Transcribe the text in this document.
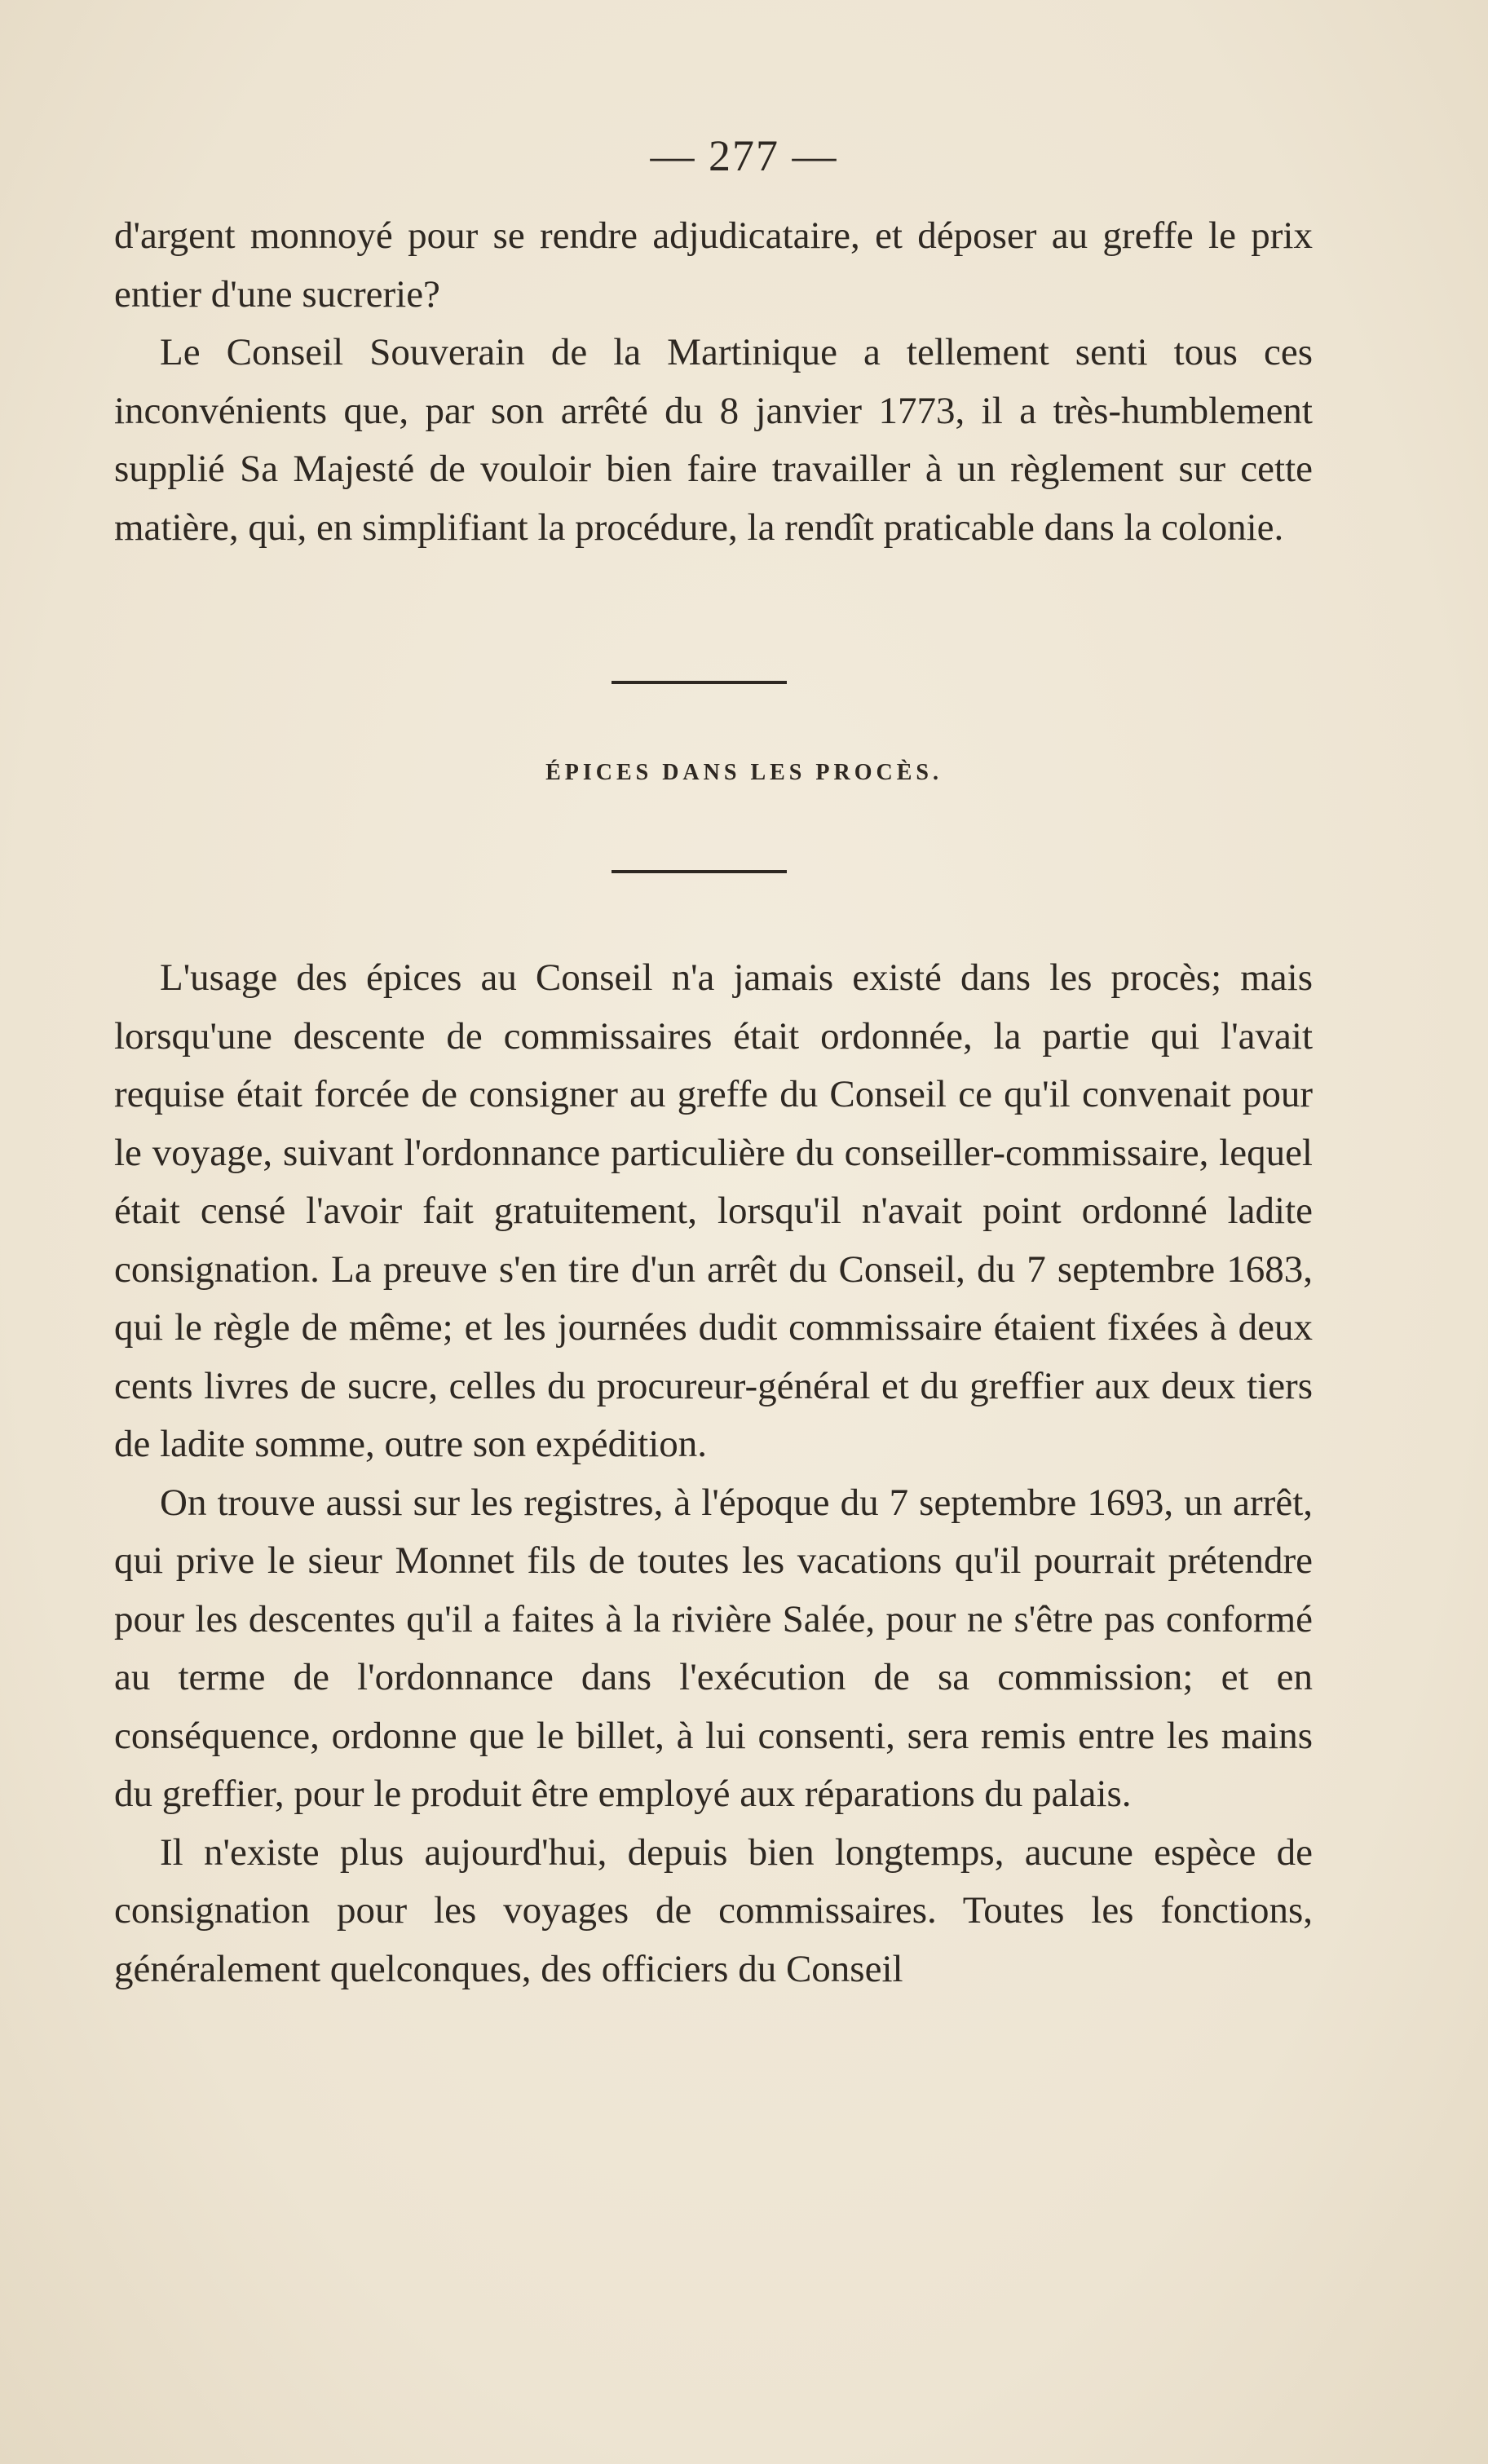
— 277 —

d'argent monnoyé pour se rendre adjudicataire, et déposer au greffe le prix entier d'une sucrerie?

Le Conseil Souverain de la Martinique a tellement senti tous ces inconvénients que, par son arrêté du 8 janvier 1773, il a très-humblement supplié Sa Majesté de vouloir bien faire travailler à un règlement sur cette matière, qui, en simplifiant la procédure, la rendît praticable dans la colonie.

ÉPICES DANS LES PROCÈS.

L'usage des épices au Conseil n'a jamais existé dans les procès; mais lorsqu'une descente de commissaires était ordonnée, la partie qui l'avait requise était forcée de consigner au greffe du Conseil ce qu'il convenait pour le voyage, suivant l'ordonnance particulière du conseiller-commissaire, lequel était censé l'avoir fait gratuitement, lorsqu'il n'avait point ordonné ladite consignation. La preuve s'en tire d'un arrêt du Conseil, du 7 septembre 1683, qui le règle de même; et les journées dudit commissaire étaient fixées à deux cents livres de sucre, celles du procureur-général et du greffier aux deux tiers de ladite somme, outre son expédition.

On trouve aussi sur les registres, à l'époque du 7 septembre 1693, un arrêt, qui prive le sieur Monnet fils de toutes les vacations qu'il pourrait prétendre pour les descentes qu'il a faites à la rivière Salée, pour ne s'être pas conformé au terme de l'ordonnance dans l'exécution de sa commission; et en conséquence, ordonne que le billet, à lui consenti, sera remis entre les mains du greffier, pour le produit être employé aux réparations du palais.

Il n'existe plus aujourd'hui, depuis bien longtemps, aucune espèce de consignation pour les voyages de commissaires. Toutes les fonctions, généralement quelconques, des officiers du Conseil
